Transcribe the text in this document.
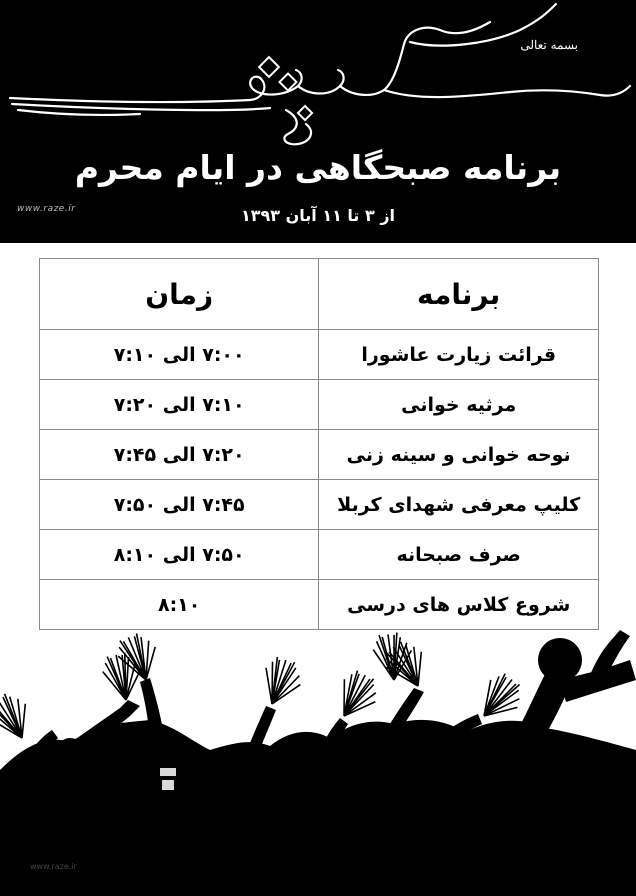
بسمه تعالی
برنامه صبحگاهی در ایام محرم
از ۳ تا ۱۱ آبان ۱۳۹۳
www.raze.ir
برنامه	زمان
قرائت زیارت عاشورا	۷:۰۰ الی ۷:۱۰
مرثیه خوانی	۷:۱۰ الی ۷:۲۰
نوحه خوانی و سینه زنی	۷:۲۰ الی ۷:۴۵
کلیپ معرفی شهدای کربلا	۷:۴۵ الی ۷:۵۰
صرف صبحانه	۷:۵۰ الی ۸:۱۰
شروع کلاس های درسی	۸:۱۰
www.raze.ir
